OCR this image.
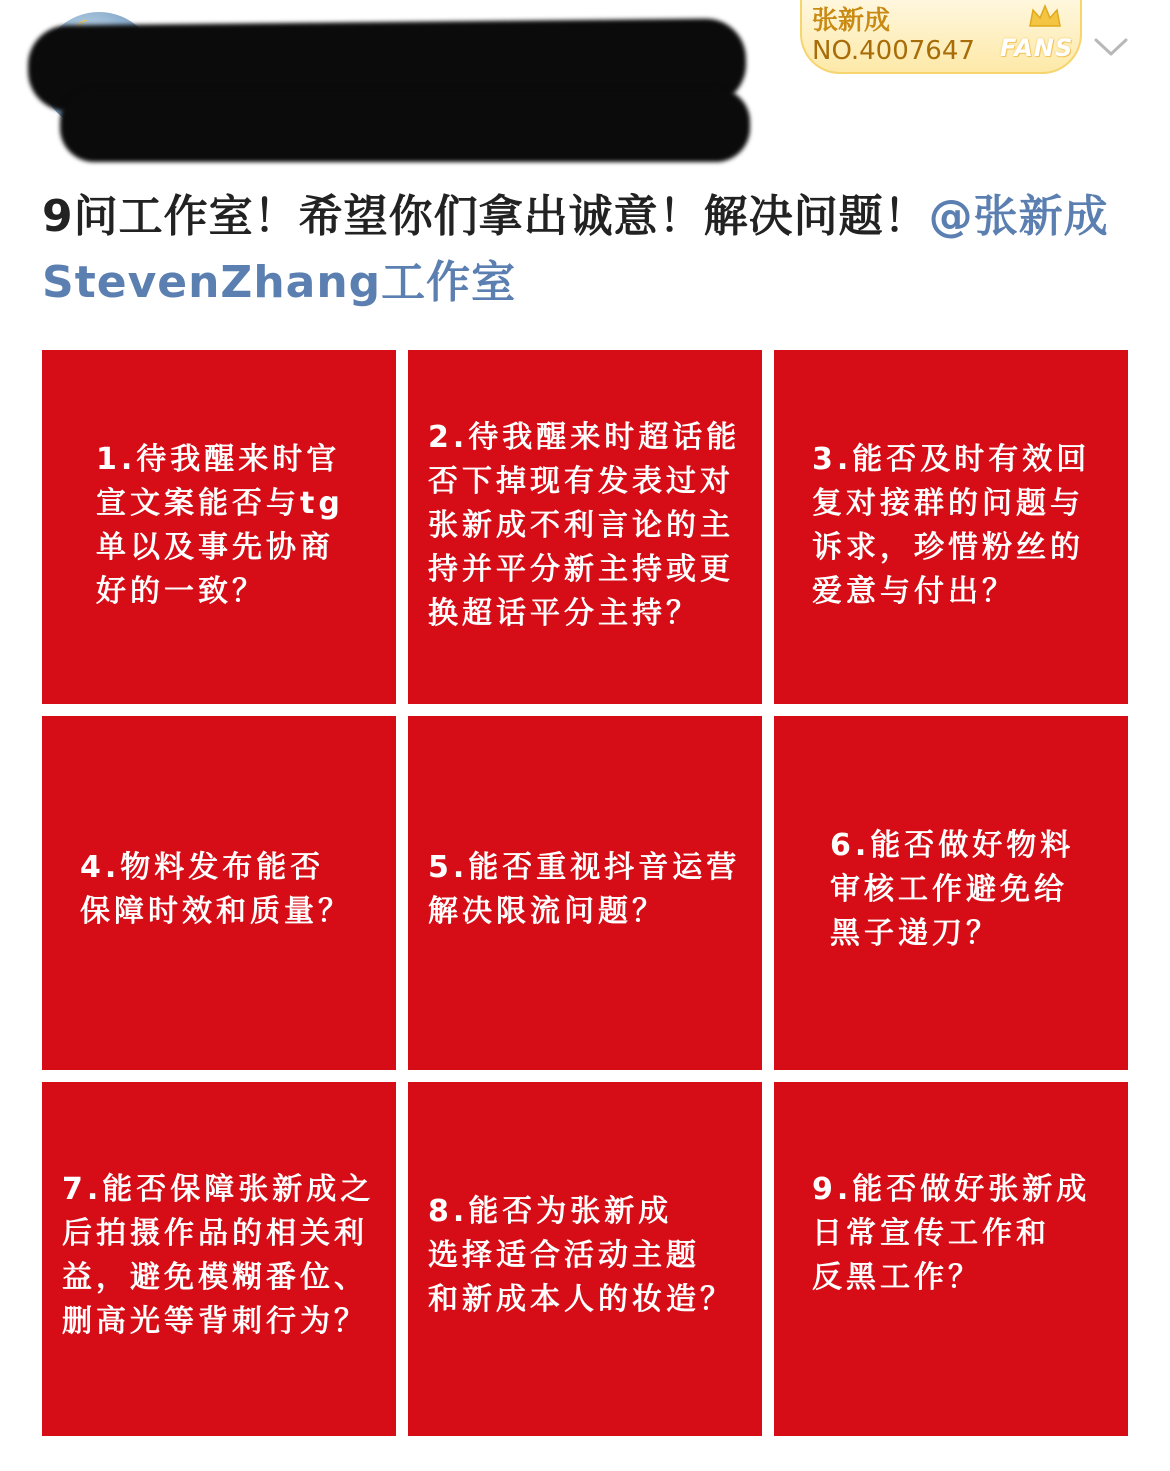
张新成
NO.4007647 FANS
9问工作室！希望你们拿出诚意！解决问题！@张新成StevenZhang工作室
1.待我醒来时官
宣文案能否与tg
单以及事先协商
好的一致？
2.待我醒来时超话能
否下掉现有发表过对
张新成不利言论的主
持并平分新主持或更
换超话平分主持？
3.能否及时有效回
复对接群的问题与
诉求，珍惜粉丝的
爱意与付出？
4.物料发布能否
保障时效和质量？
5.能否重视抖音运营
解决限流问题？
6.能否做好物料
审核工作避免给
黑子递刀？
7.能否保障张新成之
后拍摄作品的相关利
益，避免模糊番位、
删高光等背刺行为？
8.能否为张新成
选择适合活动主题
和新成本人的妆造？
9.能否做好张新成
日常宣传工作和
反黑工作？
